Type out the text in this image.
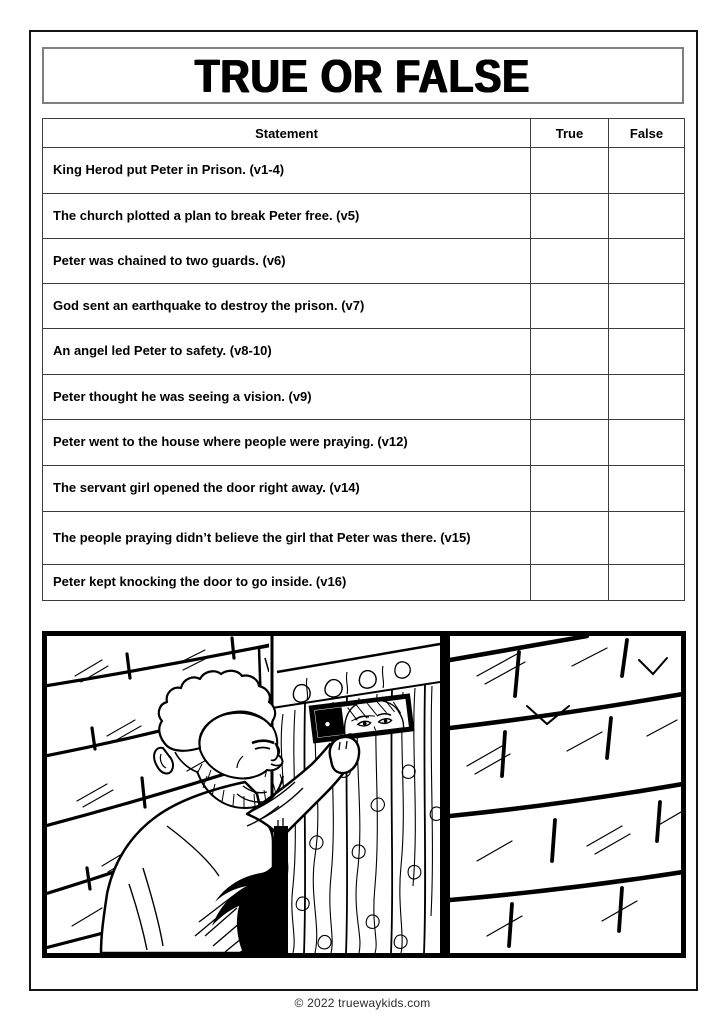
TRUE OR FALSE
Statement	True	False
King Herod put Peter in Prison. (v1-4)		
The church plotted a plan to break Peter free. (v5)		
Peter was chained to two guards. (v6)		
God sent an earthquake to destroy the prison. (v7)		
An angel led Peter to safety. (v8-10)		
Peter thought he was seeing a vision. (v9)		
Peter went to the house where people were praying. (v12)		
The servant girl opened the door right away. (v14)		
The people praying didn’t believe the girl that Peter was there. (v15)		
Peter kept knocking the door to go inside. (v16)		
© 2022 truewaykids.com
